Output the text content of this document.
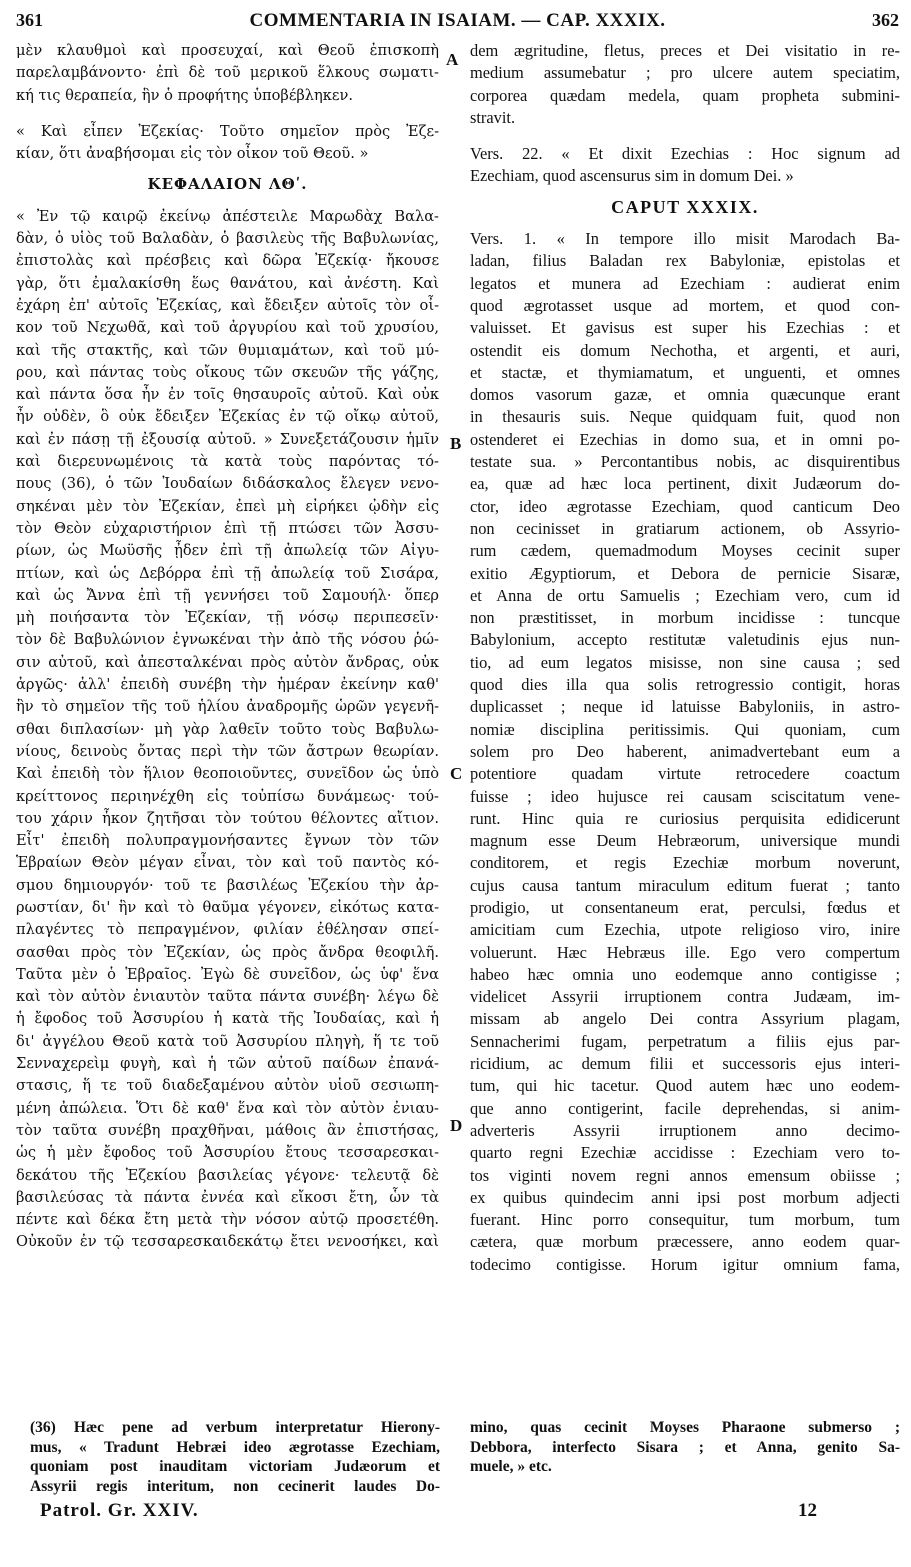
361	COMMENTARIA IN ISAIAM. — CAP. XXXIX.	362
μὲν κλαυθμοὶ καὶ προσευχαί, καὶ Θεοῦ ἐπισκοπὴ
παρελαμβάνοντο· ἐπὶ δὲ τοῦ μερικοῦ ἕλκους σωματι-
κή τις θεραπεία, ἣν ὁ προφήτης ὑποβέβληκεν.
« Καὶ εἶπεν Ἐζεκίας· Τοῦτο σημεῖον πρὸς Ἐζε-
κίαν, ὅτι ἀναβήσομαι εἰς τὸν οἶκον τοῦ Θεοῦ. »
ΚΕΦΑΛΑΙΟΝ ΛΘʹ.
« Ἐν τῷ καιρῷ ἐκείνῳ ἀπέστειλε Μαρωδὰχ Βαλα-
δὰν, ὁ υἱὸς τοῦ Βαλαδὰν, ὁ βασιλεὺς τῆς Βαβυλωνίας,
ἐπιστολὰς καὶ πρέσβεις καὶ δῶρα Ἐζεκίᾳ· ἤκουσε
γὰρ, ὅτι ἐμαλακίσθη ἕως θανάτου, καὶ ἀνέστη. Καὶ
ἐχάρη ἐπ' αὐτοῖς Ἐζεκίας, καὶ ἔδειξεν αὐτοῖς τὸν οἶ-
κον τοῦ Νεχωθᾶ, καὶ τοῦ ἀργυρίου καὶ τοῦ χρυσίου,
καὶ τῆς στακτῆς, καὶ τῶν θυμιαμάτων, καὶ τοῦ μύ-
ρου, καὶ πάντας τοὺς οἴκους τῶν σκευῶν τῆς γάζης,
καὶ πάντα ὅσα ἦν ἐν τοῖς θησαυροῖς αὐτοῦ. Καὶ οὐκ
ἦν οὐδὲν, ὃ οὐκ ἔδειξεν Ἐζεκίας ἐν τῷ οἴκῳ αὐτοῦ,
καὶ ἐν πάσῃ τῇ ἐξουσίᾳ αὐτοῦ. » Συνεξετάζουσιν ἡμῖν
καὶ διερευνωμένοις τὰ κατὰ τοὺς παρόντας τό-
πους (36), ὁ τῶν Ἰουδαίων διδάσκαλος ἔλεγεν νενο-
σηκέναι μὲν τὸν Ἐζεκίαν, ἐπεὶ μὴ εἰρήκει ᾠδὴν εἰς
τὸν Θεὸν εὐχαριστήριον ἐπὶ τῇ πτώσει τῶν Ἀσσυ-
ρίων, ὡς Μωϋσῆς ᾖδεν ἐπὶ τῇ ἀπωλείᾳ τῶν Αἰγυ-
πτίων, καὶ ὡς Δεβόρρα ἐπὶ τῇ ἀπωλείᾳ τοῦ Σισάρα,
καὶ ὡς Ἄννα ἐπὶ τῇ γεννήσει τοῦ Σαμουήλ· ὅπερ
μὴ ποιήσαντα τὸν Ἐζεκίαν, τῇ νόσῳ περιπεσεῖν·
τὸν δὲ Βαβυλώνιον ἐγνωκέναι τὴν ἀπὸ τῆς νόσου ῥώ-
σιν αὐτοῦ, καὶ ἀπεσταλκέναι πρὸς αὐτὸν ἄνδρας, οὐκ
ἀργῶς· ἀλλ' ἐπειδὴ συνέβη τὴν ἡμέραν ἐκείνην καθ'
ἣν τὸ σημεῖον τῆς τοῦ ἡλίου ἀναδρομῆς ὡρῶν γεγενῆ-
σθαι διπλασίων· μὴ γὰρ λαθεῖν τοῦτο τοὺς Βαβυλω-
νίους, δεινοὺς ὄντας περὶ τὴν τῶν ἄστρων θεωρίαν.
Καὶ ἐπειδὴ τὸν ἥλιον θεοποιοῦντες, συνεῖδον ὡς ὑπὸ
κρείττονος περιηνέχθη εἰς τοὐπίσω δυνάμεως· τού-
του χάριν ἧκον ζητῆσαι τὸν τούτου θέλοντες αἴτιον.
Εἶτ' ἐπειδὴ πολυπραγμονήσαντες ἔγνων τὸν τῶν
Ἑβραίων Θεὸν μέγαν εἶναι, τὸν καὶ τοῦ παντὸς κό-
σμου δημιουργόν· τοῦ τε βασιλέως Ἐζεκίου τὴν ἀρ-
ρωστίαν, δι' ἣν καὶ τὸ θαῦμα γέγονεν, εἰκότως κατα-
πλαγέντες τὸ πεπραγμένον, φιλίαν ἐθέλησαν σπεί-
σασθαι πρὸς τὸν Ἐζεκίαν, ὡς πρὸς ἄνδρα θεοφιλῆ.
Ταῦτα μὲν ὁ Ἑβραῖος. Ἐγὼ δὲ συνεῖδον, ὡς ὑφ' ἕνα
καὶ τὸν αὐτὸν ἐνιαυτὸν ταῦτα πάντα συνέβη· λέγω δὲ
ἡ ἔφοδος τοῦ Ἀσσυρίου ἡ κατὰ τῆς Ἰουδαίας, καὶ ἡ
δι' ἀγγέλου Θεοῦ κατὰ τοῦ Ἀσσυρίου πληγὴ, ἥ τε τοῦ
Σενναχερεὶμ φυγὴ, καὶ ἡ τῶν αὐτοῦ παίδων ἐπανά-
στασις, ἥ τε τοῦ διαδεξαμένου αὐτὸν υἱοῦ σεσιωπη-
μένη ἀπώλεια. Ὅτι δὲ καθ' ἕνα καὶ τὸν αὐτὸν ἐνιαυ-
τὸν ταῦτα συνέβη πραχθῆναι, μάθοις ἂν ἐπιστήσας,
ὡς ἡ μὲν ἔφοδος τοῦ Ἀσσυρίου ἔτους τεσσαρεσκαι-
δεκάτου τῆς Ἐζεκίου βασιλείας γέγονε· τελευτᾷ δὲ
βασιλεύσας τὰ πάντα ἐννέα καὶ εἴκοσι ἔτη, ὧν τὰ
πέντε καὶ δέκα ἔτη μετὰ τὴν νόσον αὐτῷ προσετέθη.
Οὐκοῦν ἐν τῷ τεσσαρεσκαιδεκάτῳ ἔτει νενοσήκει, καὶ
dem ægritudine, fletus, preces et Dei visitatio in re-
medium assumebatur ; pro ulcere autem speciatim,
corporea quædam medela, quam propheta submini-
stravit.
Vers. 22. « Et dixit Ezechias : Hoc signum ad
Ezechiam, quod ascensurus sim in domum Dei. »
CAPUT XXXIX.
Vers. 1. « In tempore illo misit Marodach Ba-
ladan, filius Baladan rex Babyloniæ, epistolas et
legatos et munera ad Ezechiam : audierat enim
quod ægrotasset usque ad mortem, et quod con-
valuisset. Et gavisus est super his Ezechias : et
ostendit eis domum Nechotha, et argenti, et auri,
et stactæ, et thymiamatum, et unguenti, et omnes
domos vasorum gazæ, et omnia quæcunque erant
in thesauris suis. Neque quidquam fuit, quod non
ostenderet ei Ezechias in domo sua, et in omni po-
testate sua. » Percontantibus nobis, ac disquirentibus
ea, quæ ad hæc loca pertinent, dixit Judæorum do-
ctor, ideo ægrotasse Ezechiam, quod canticum Deo
non cecinisset in gratiarum actionem, ob Assyrio-
rum cædem, quemadmodum Moyses cecinit super
exitio Ægyptiorum, et Debora de pernicie Sisaræ,
et Anna de ortu Samuelis ; Ezechiam vero, cum id
non præstitisset, in morbum incidisse : tuncque
Babylonium, accepto restitutæ valetudinis ejus nun-
tio, ad eum legatos misisse, non sine causa ; sed
quod dies illa qua solis retrogressio contigit, horas
duplicasset ; neque id latuisse Babyloniis, in astro-
nomiæ disciplina peritissimis. Qui quoniam, cum
solem pro Deo haberent, animadvertebant eum a
potentiore quadam virtute retrocedere coactum
fuisse ; ideo hujusce rei causam sciscitatum vene-
runt. Hinc quia re curiosius perquisita edidicerunt
magnum esse Deum Hebræorum, universique mundi
conditorem, et regis Ezechiæ morbum noverunt,
cujus causa tantum miraculum editum fuerat ; tanto
prodigio, ut consentaneum erat, perculsi, fœdus et
amicitiam cum Ezechia, utpote religioso viro, inire
voluerunt. Hæc Hebræus ille. Ego vero compertum
habeo hæc omnia uno eodemque anno contigisse ;
videlicet Assyrii irruptionem contra Judæam, im-
missam ab angelo Dei contra Assyrium plagam,
Sennacherimi fugam, perpetratum a filiis ejus par-
ricidium, ac demum filii et successoris ejus interi-
tum, qui hic tacetur. Quod autem hæc uno eodem-
que anno contigerint, facile deprehendas, si anim-
adverteris Assyrii irruptionem anno decimo-
quarto regni Ezechiæ accidisse : Ezechiam vero to-
tos viginti novem regni annos emensum obiisse ;
ex quibus quindecim anni ipsi post morbum adjecti
fuerant. Hinc porro consequitur, tum morbum, tum
cætera, quæ morbum præcessere, anno eodem quar-
todecimo contigisse. Horum igitur omnium fama,
A
B
C
D
(36) Hæc pene ad verbum interpretatur Hierony-
mus, « Tradunt Hebræi ideo ægrotasse Ezechiam,
quoniam post inauditam victoriam Judæorum et
Assyrii regis interitum, non cecinerit laudes Do-
mino, quas cecinit Moyses Pharaone submerso ;
Debbora, interfecto Sisara ; et Anna, genito Sa-
muele, » etc.
Patrol. Gr. XXIV.	12
